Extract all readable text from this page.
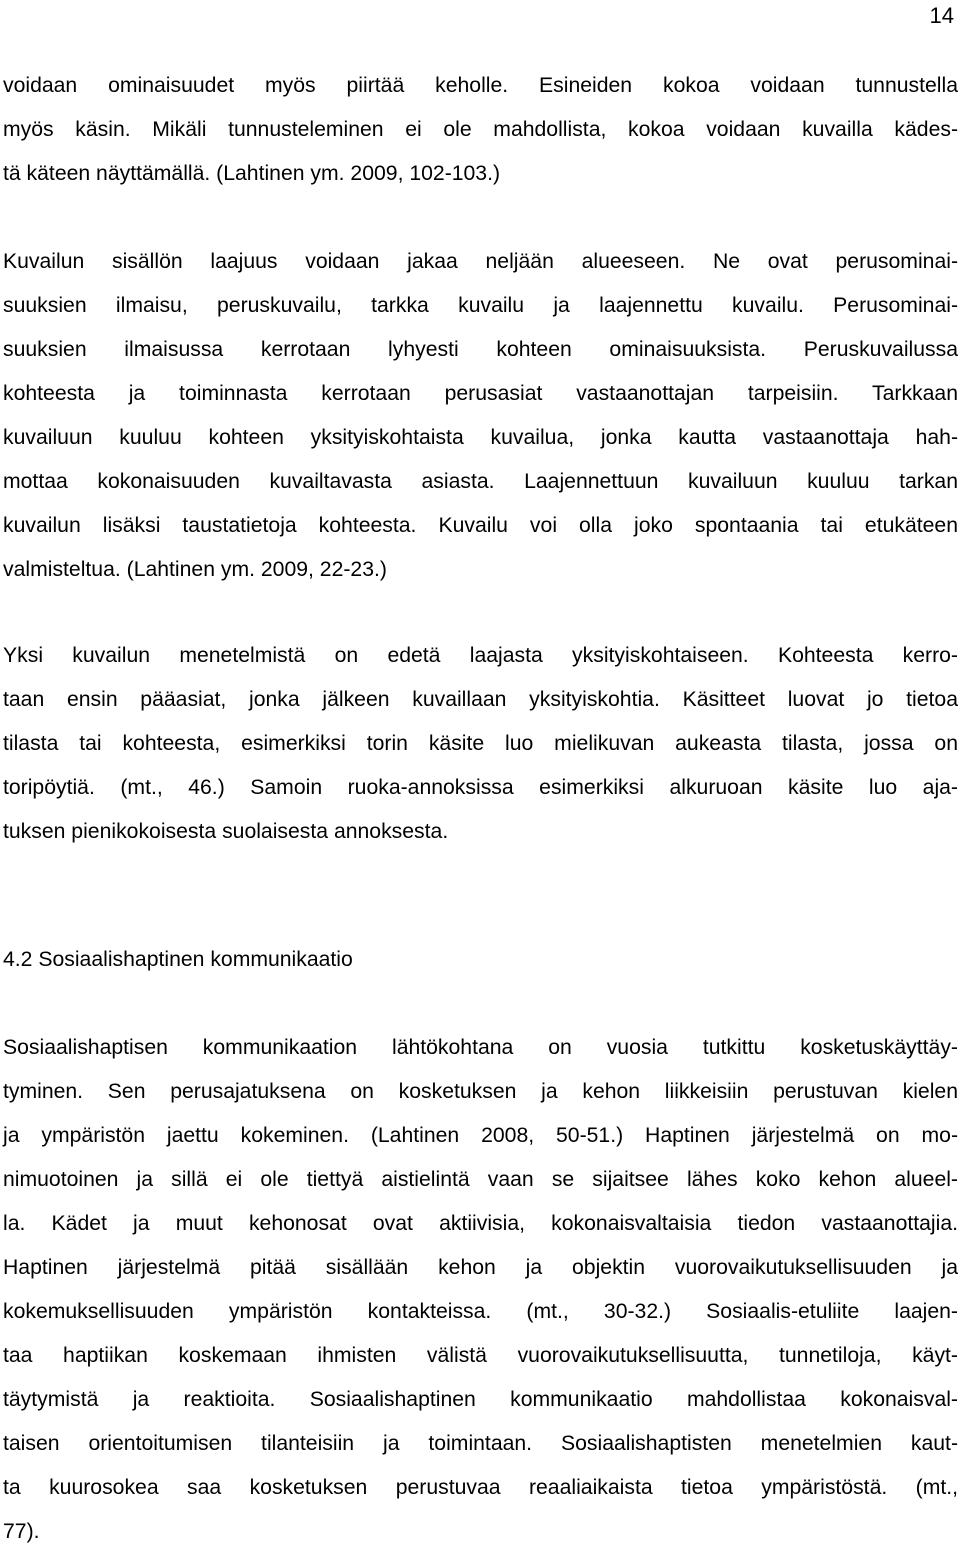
14
voidaan ominaisuudet myös piirtää keholle. Esineiden kokoa voidaan tunnustella
myös käsin. Mikäli tunnusteleminen ei ole mahdollista, kokoa voidaan kuvailla kädes-
tä käteen näyttämällä. (Lahtinen ym. 2009, 102-103.)
Kuvailun sisällön laajuus voidaan jakaa neljään alueeseen. Ne ovat perusominai-
suuksien ilmaisu, peruskuvailu, tarkka kuvailu ja laajennettu kuvailu. Perusominai-
suuksien ilmaisussa kerrotaan lyhyesti kohteen ominaisuuksista. Peruskuvailussa
kohteesta ja toiminnasta kerrotaan perusasiat vastaanottajan tarpeisiin. Tarkkaan
kuvailuun kuuluu kohteen yksityiskohtaista kuvailua, jonka kautta vastaanottaja hah-
mottaa kokonaisuuden kuvailtavasta asiasta. Laajennettuun kuvailuun kuuluu tarkan
kuvailun lisäksi taustatietoja kohteesta. Kuvailu voi olla joko spontaania tai etukäteen
valmisteltua. (Lahtinen ym. 2009, 22-23.)
Yksi kuvailun menetelmistä on edetä laajasta yksityiskohtaiseen. Kohteesta kerro-
taan ensin pääasiat, jonka jälkeen kuvaillaan yksityiskohtia. Käsitteet luovat jo tietoa
tilasta tai kohteesta, esimerkiksi torin käsite luo mielikuvan aukeasta tilasta, jossa on
toripöytiä. (mt., 46.) Samoin ruoka-annoksissa esimerkiksi alkuruoan käsite luo aja-
tuksen pienikokoisesta suolaisesta annoksesta.
4.2 Sosiaalishaptinen kommunikaatio
Sosiaalishaptisen kommunikaation lähtökohtana on vuosia tutkittu kosketuskäyttäy-
tyminen. Sen perusajatuksena on kosketuksen ja kehon liikkeisiin perustuvan kielen
ja ympäristön jaettu kokeminen. (Lahtinen 2008, 50-51.) Haptinen järjestelmä on mo-
nimuotoinen ja sillä ei ole tiettyä aistielintä vaan se sijaitsee lähes koko kehon alueel-
la. Kädet ja muut kehonosat ovat aktiivisia, kokonaisvaltaisia tiedon vastaanottajia.
Haptinen järjestelmä pitää sisällään kehon ja objektin vuorovaikutuksellisuuden ja
kokemuksellisuuden ympäristön kontakteissa. (mt., 30-32.) Sosiaalis-etuliite laajen-
taa haptiikan koskemaan ihmisten välistä vuorovaikutuksellisuutta, tunnetiloja, käyt-
täytymistä ja reaktioita. Sosiaalishaptinen kommunikaatio mahdollistaa kokonaisval-
taisen orientoitumisen tilanteisiin ja toimintaan. Sosiaalishaptisten menetelmien kaut-
ta kuurosokea saa kosketuksen perustuvaa reaaliaikaista tietoa ympäristöstä. (mt.,
77).
